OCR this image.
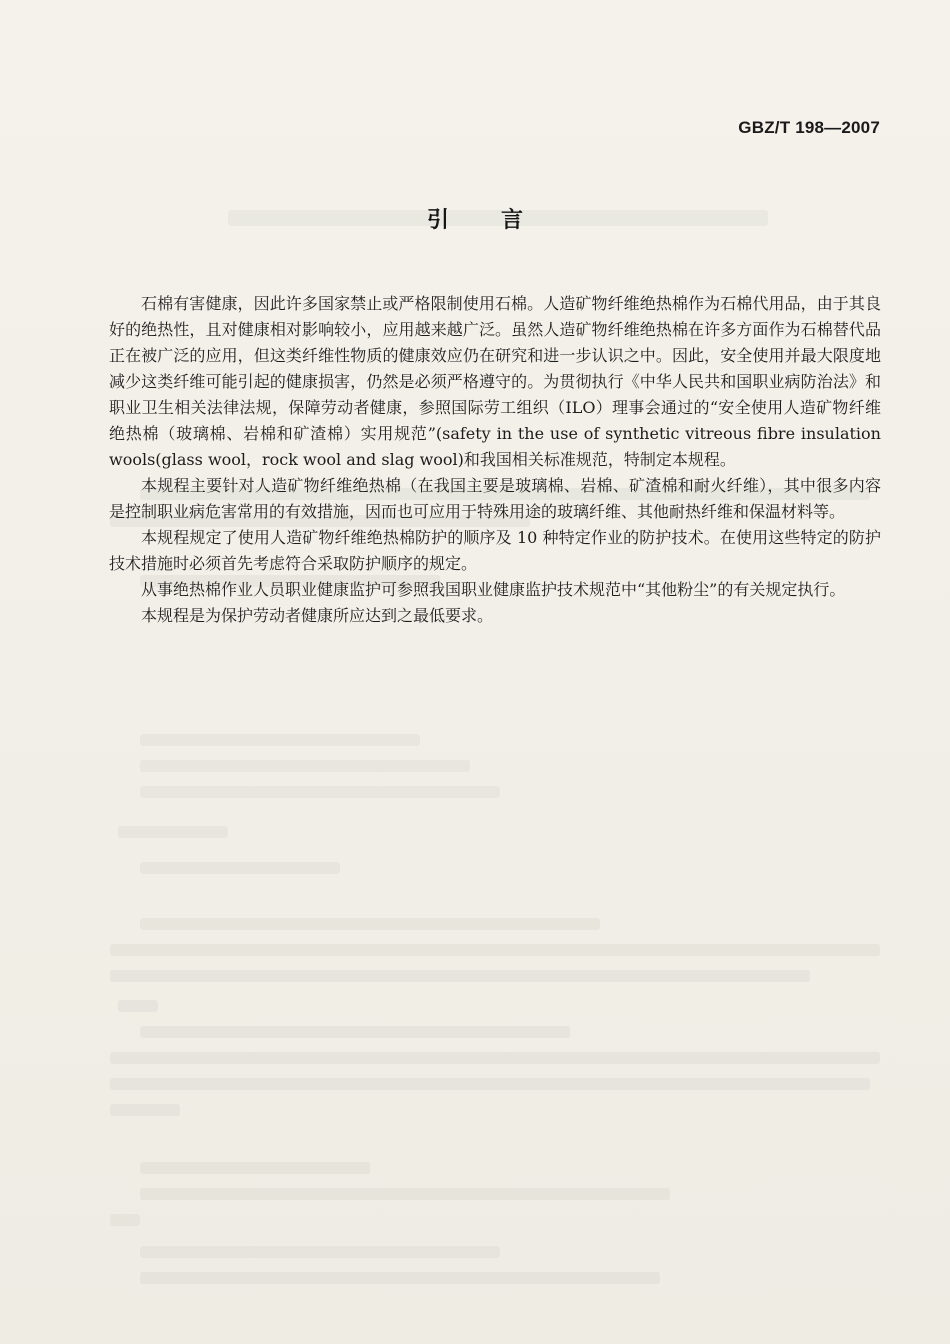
GBZ/T 198—2007
引 言

石棉有害健康，因此许多国家禁止或严格限制使用石棉。人造矿物纤维绝热棉作为石棉代用品，由于其良好的绝热性，且对健康相对影响较小，应用越来越广泛。虽然人造矿物纤维绝热棉在许多方面作为石棉替代品正在被广泛的应用，但这类纤维性物质的健康效应仍在研究和进一步认识之中。因此，安全使用并最大限度地减少这类纤维可能引起的健康损害，仍然是必须严格遵守的。为贯彻执行《中华人民共和国职业病防治法》和职业卫生相关法律法规，保障劳动者健康，参照国际劳工组织（ILO）理事会通过的“安全使用人造矿物纤维绝热棉（玻璃棉、岩棉和矿渣棉）实用规范”(safety in the use of synthetic vitreous fibre insulation wools(glass wool，rock wool and slag wool)和我国相关标准规范，特制定本规程。

本规程主要针对人造矿物纤维绝热棉（在我国主要是玻璃棉、岩棉、矿渣棉和耐火纤维），其中很多内容是控制职业病危害常用的有效措施，因而也可应用于特殊用途的玻璃纤维、其他耐热纤维和保温材料等。

本规程规定了使用人造矿物纤维绝热棉防护的顺序及 10 种特定作业的防护技术。在使用这些特定的防护技术措施时必须首先考虑符合采取防护顺序的规定。

从事绝热棉作业人员职业健康监护可参照我国职业健康监护技术规范中“其他粉尘”的有关规定执行。

本规程是为保护劳动者健康所应达到之最低要求。
